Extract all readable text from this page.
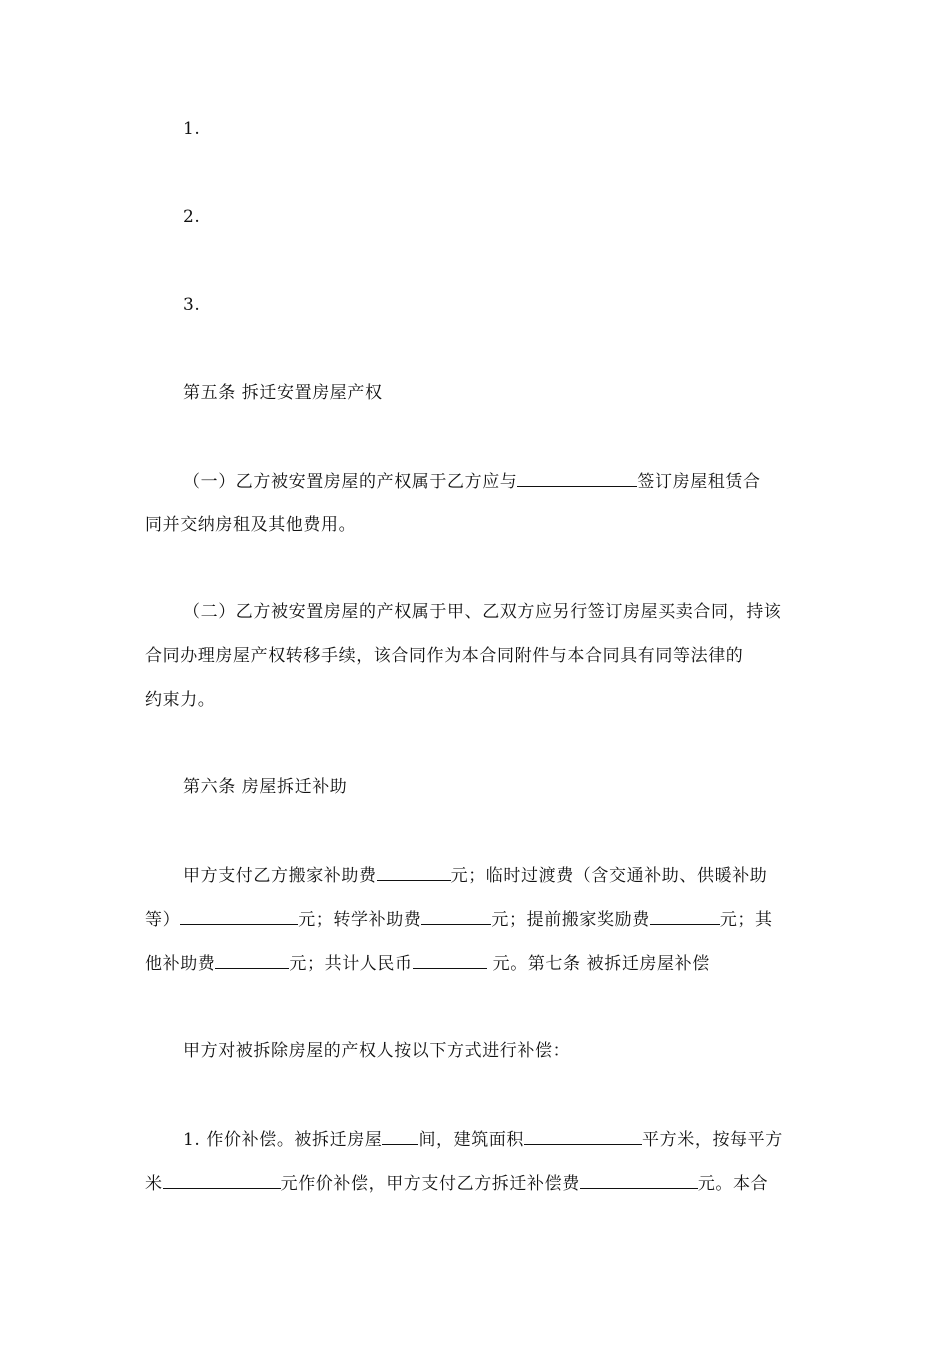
1.
2.
3.
第五条 拆迁安置房屋产权
（一）乙方被安置房屋的产权属于乙方应与	签订房屋租赁合
同并交纳房租及其他费用。
（二）乙方被安置房屋的产权属于甲、乙双方应另行签订房屋买卖合同，持该
合同办理房屋产权转移手续，该合同作为本合同附件与本合同具有同等法律的
约束力。
第六条 房屋拆迁补助
甲方支付乙方搬家补助费	元；临时过渡费（含交通补助、供暖补助
等）	元；转学补助费	元；提前搬家奖励费	元；其
他补助费	元；共计人民币	元。第七条 被拆迁房屋补偿
甲方对被拆除房屋的产权人按以下方式进行补偿：
1. 作价补偿。被拆迁房屋 间，建筑面积	平方米，按每平方
米	元作价补偿，甲方支付乙方拆迁补偿费	元。本合
